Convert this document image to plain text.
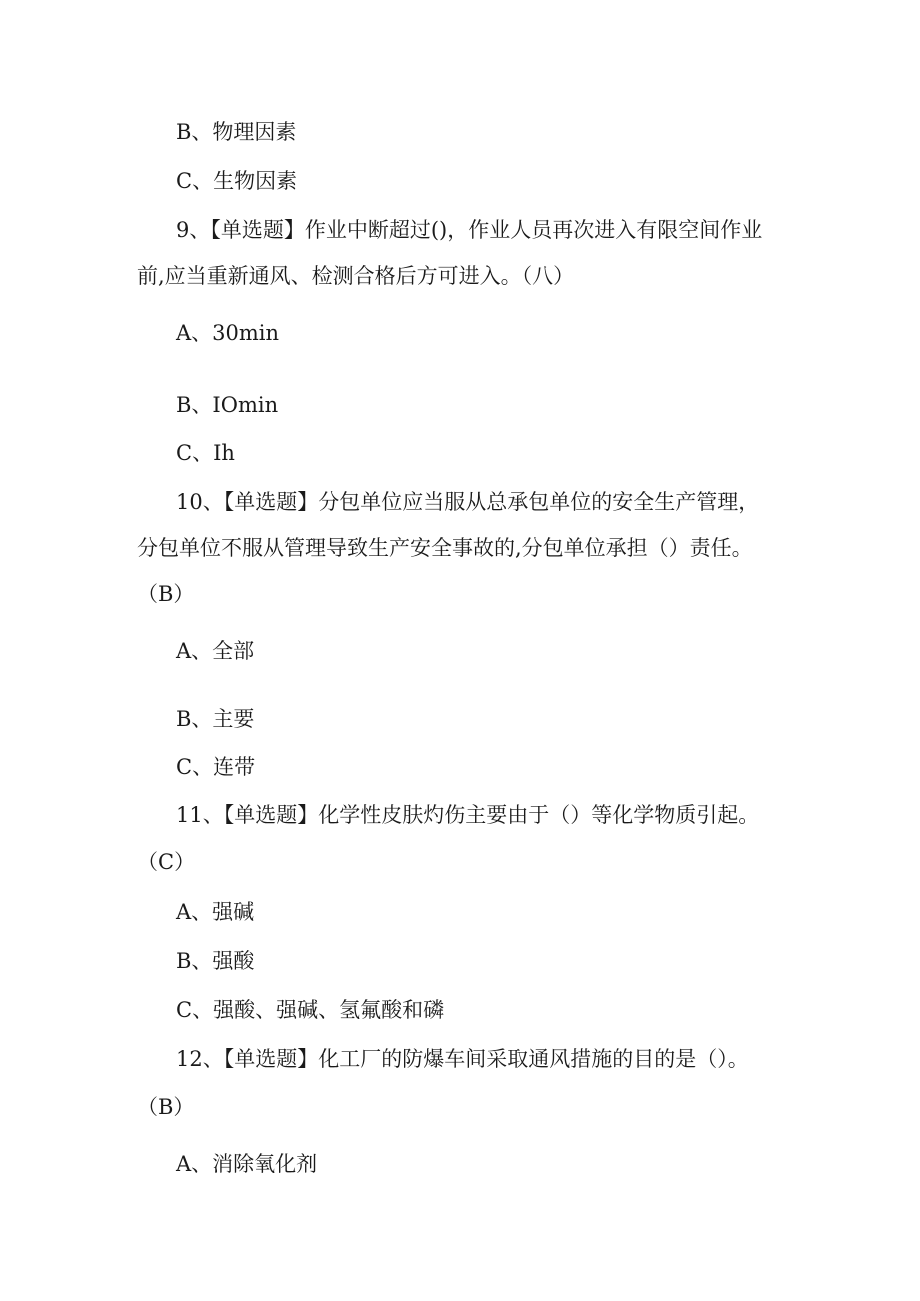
B、物理因素
C、生物因素
9、【单选题】作业中断超过()，作业人员再次进入有限空间作业
前,应当重新通风、检测合格后方可进入。（八）
A、30min
B、IOmin
C、Ih
10、【单选题】分包单位应当服从总承包单位的安全生产管理，
分包单位不服从管理导致生产安全事故的,分包单位承担（）责任。
（B）
A、全部
B、主要
C、连带
11、【单选题】化学性皮肤灼伤主要由于（）等化学物质引起。
（C）
A、强碱
B、强酸
C、强酸、强碱、氢氟酸和磷
12、【单选题】化工厂的防爆车间采取通风措施的目的是（）。
（B）
A、消除氧化剂
